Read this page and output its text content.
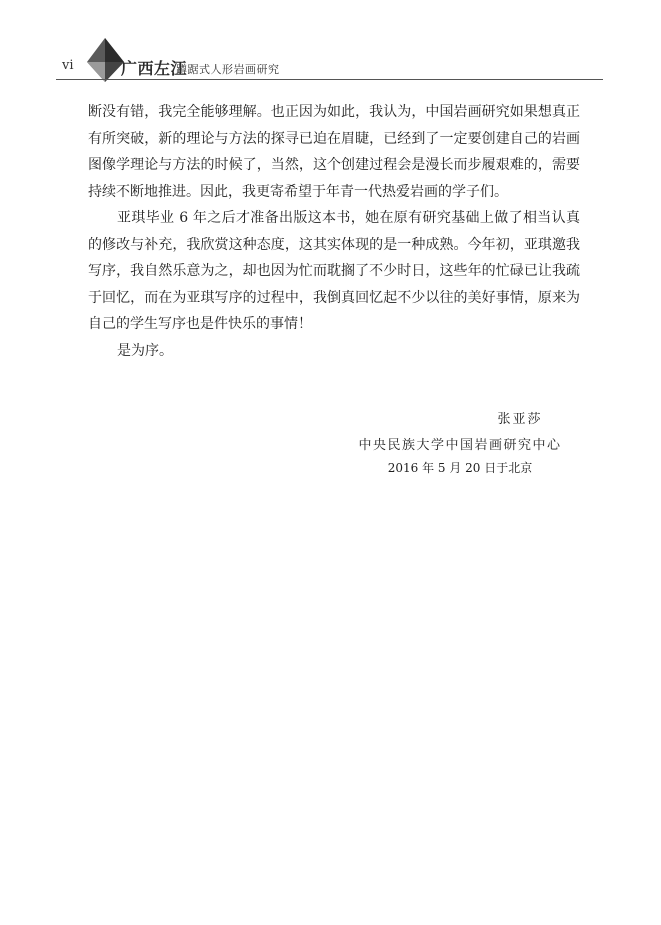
vi	广西左江
蹲踞式人形岩画研究

断没有错，我完全能够理解。也正因为如此，我认为，中国岩画研究如果想真正有所突破，新的理论与方法的探寻已迫在眉睫，已经到了一定要创建自己的岩画图像学理论与方法的时候了，当然，这个创建过程会是漫长而步履艰难的，需要持续不断地推进。因此，我更寄希望于年青一代热爱岩画的学子们。

亚琪毕业 6 年之后才准备出版这本书，她在原有研究基础上做了相当认真的修改与补充，我欣赏这种态度，这其实体现的是一种成熟。今年初，亚琪邀我写序，我自然乐意为之，却也因为忙而耽搁了不少时日，这些年的忙碌已让我疏于回忆，而在为亚琪写序的过程中，我倒真回忆起不少以往的美好事情，原来为自己的学生写序也是件快乐的事情！

是为序。

张亚莎
中央民族大学中国岩画研究中心
2016 年 5 月 20 日于北京
